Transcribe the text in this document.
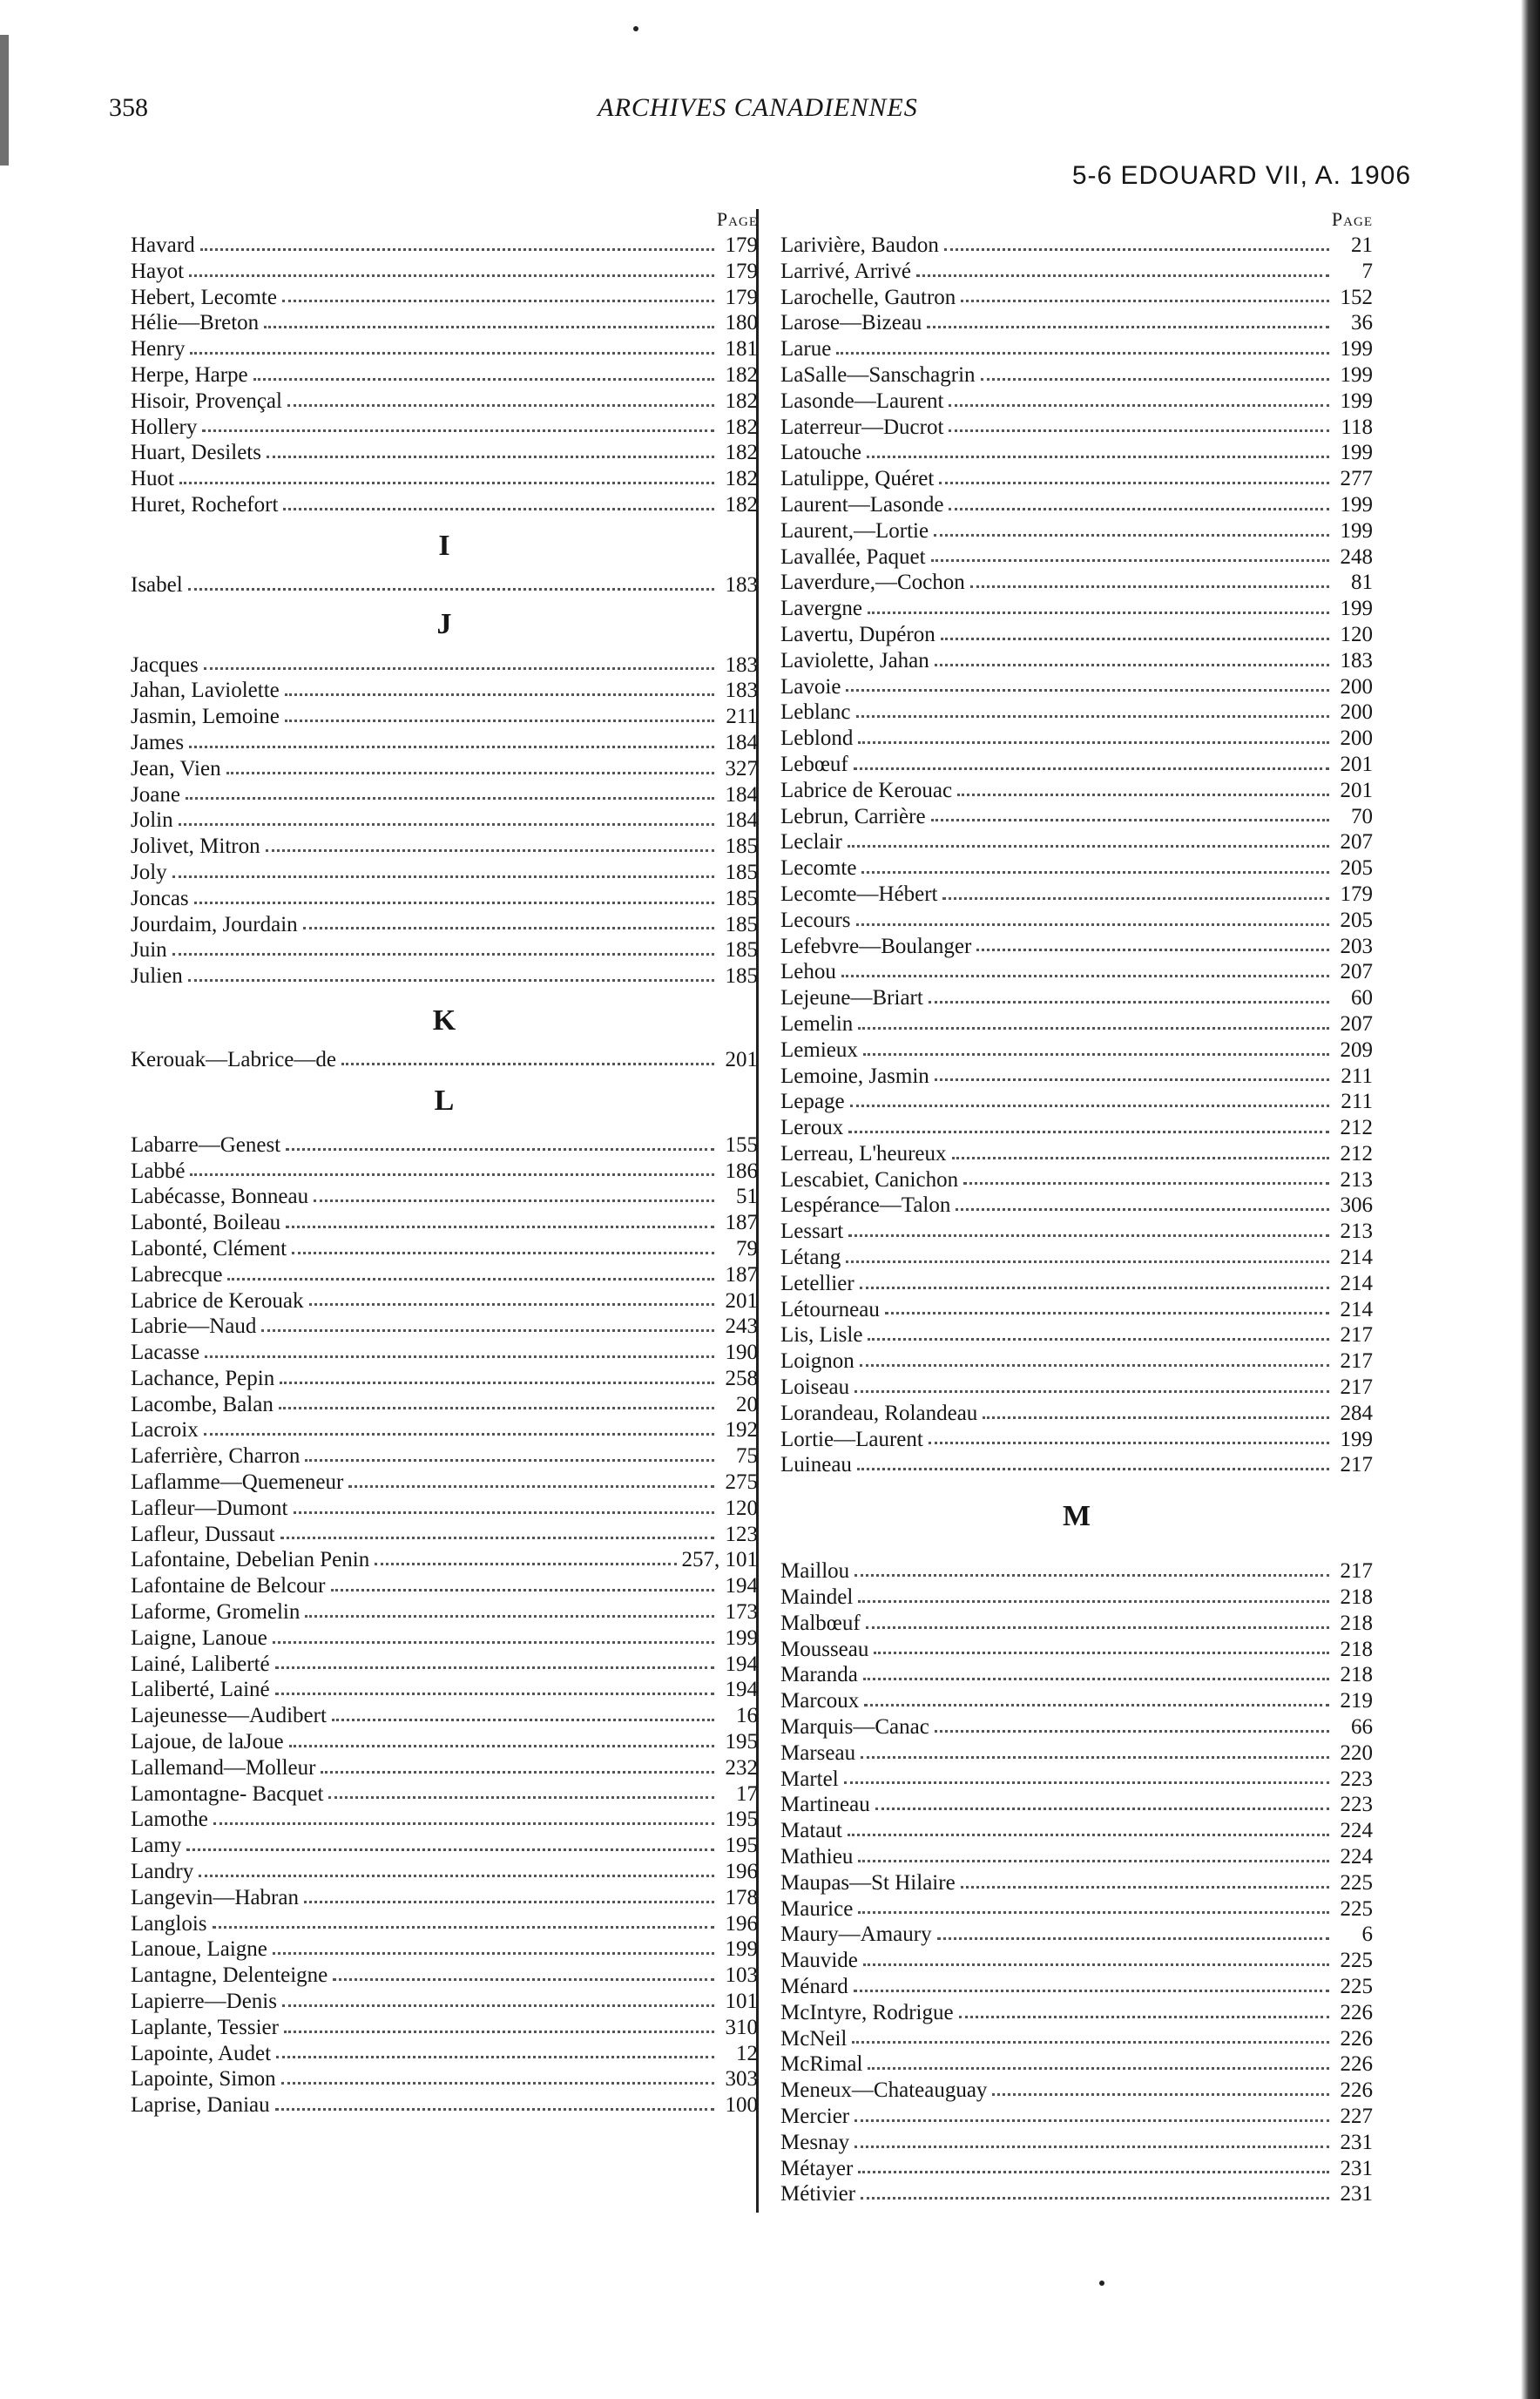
358	ARCHIVES CANADIENNES
5-6 EDOUARD VII, A. 1906
Page
Havard	179
Hayot	179
Hebert, Lecomte	179
Hélie—Breton	180
Henry	181
Herpe, Harpe	182
Hisoir, Provençal	182
Hollery	182
Huart, Desilets	182
Huot	182
Huret, Rochefort	182
I
Isabel	183
J
Jacques	183
Jahan, Laviolette	183
Jasmin, Lemoine	211
James	184
Jean, Vien	327
Joane	184
Jolin	184
Jolivet, Mitron	185
Joly	185
Joncas	185
Jourdaim, Jourdain	185
Juin	185
Julien	185
K
Kerouak—Labrice—de	201
L
Labarre—Genest	155
Labbé	186
Labécasse, Bonneau	51
Labonté, Boileau	187
Labonté, Clément	79
Labrecque	187
Labrice de Kerouak	201
Labrie—Naud	243
Lacasse	190
Lachance, Pepin	258
Lacombe, Balan	20
Lacroix	192
Laferrière, Charron	75
Laflamme—Quemeneur	275
Lafleur—Dumont	120
Lafleur, Dussaut	123
Lafontaine, Debelian Penin	257, 101
Lafontaine de Belcour	194
Laforme, Gromelin	173
Laigne, Lanoue	199
Lainé, Laliberté	194
Laliberté, Lainé	194
Lajeunesse—Audibert	16
Lajoue, de laJoue	195
Lallemand—Molleur	232
Lamontagne- Bacquet	17
Lamothe	195
Lamy	195
Landry	196
Langevin—Habran	178
Langlois	196
Lanoue, Laigne	199
Lantagne, Delenteigne	103
Lapierre—Denis	101
Laplante, Tessier	310
Lapointe, Audet	12
Lapointe, Simon	303
Laprise, Daniau	100
Page
Larivière, Baudon	21
Larrivé, Arrivé	7
Larochelle, Gautron	152
Larose—Bizeau	36
Larue	199
LaSalle—Sanschagrin	199
Lasonde—Laurent	199
Laterreur—Ducrot	118
Latouche	199
Latulippe, Quéret	277
Laurent—Lasonde	199
Laurent,—Lortie	199
Lavallée, Paquet	248
Laverdure,—Cochon	81
Lavergne	199
Lavertu, Dupéron	120
Laviolette, Jahan	183
Lavoie	200
Leblanc	200
Leblond	200
Lebœuf	201
Labrice de Kerouac	201
Lebrun, Carrière	70
Leclair	207
Lecomte	205
Lecomte—Hébert	179
Lecours	205
Lefebvre—Boulanger	203
Lehou	207
Lejeune—Briart	60
Lemelin	207
Lemieux	209
Lemoine, Jasmin	211
Lepage	211
Leroux	212
Lerreau, L'heureux	212
Lescabiet, Canichon	213
Lespérance—Talon	306
Lessart	213
Létang	214
Letellier	214
Létourneau	214
Lis, Lisle	217
Loignon	217
Loiseau	217
Lorandeau, Rolandeau	284
Lortie—Laurent	199
Luineau	217
M
Maillou	217
Maindel	218
Malbœuf	218
Mousseau	218
Maranda	218
Marcoux	219
Marquis—Canac	66
Marseau	220
Martel	223
Martineau	223
Mataut	224
Mathieu	224
Maupas—St Hilaire	225
Maurice	225
Maury—Amaury	6
Mauvide	225
Ménard	225
McIntyre, Rodrigue	226
McNeil	226
McRimal	226
Meneux—Chateauguay	226
Mercier	227
Mesnay	231
Métayer	231
Métivier	231
